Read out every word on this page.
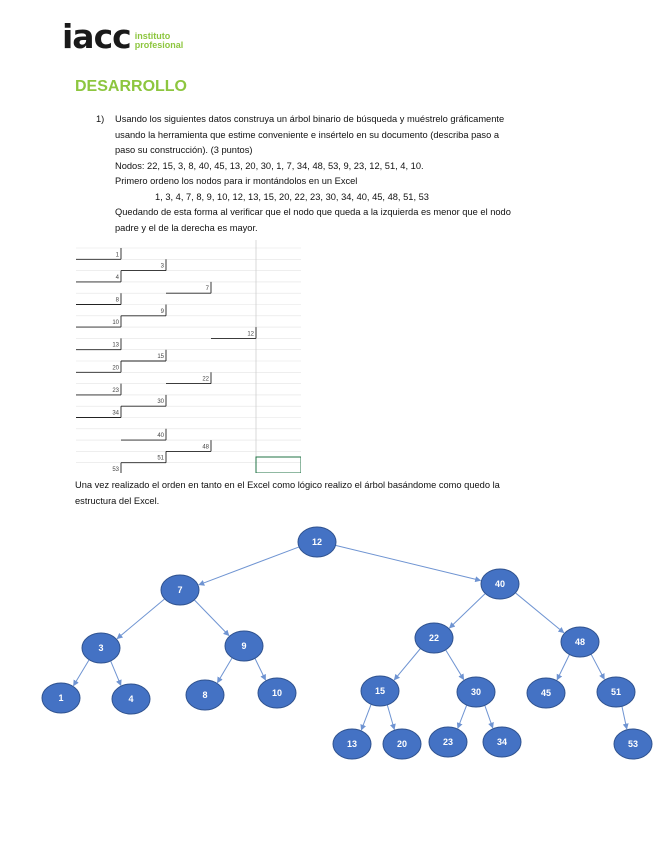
iacc instituto
profesional
DESARROLLO
1) Usando los siguientes datos construya un árbol binario de búsqueda y muéstrelo gráficamente

usando la herramienta que estime conveniente e insértelo en su documento (describa paso a

paso su construcción). (3 puntos)

Nodos: 22, 15, 3, 8, 40, 45, 13, 20, 30, 1, 7, 34, 48, 53, 9, 23, 12, 51, 4, 10.

Primero ordeno los nodos para ir montándolos en un Excel

1, 3, 4, 7, 8, 9, 10, 12, 13, 15, 20, 22, 23, 30, 34, 40, 45, 48, 51, 53

Quedando de esta forma al verificar que el nodo que queda a la izquierda es menor que el nodo

padre y el de la derecha es mayor.

1
3
4
7
8
9
10
12
13
15
20
22
23
30
34
40
48
51
53
Una vez realizado el orden en tanto en el Excel como lógico realizo el árbol basándome como quedo la
estructura del Excel.
12
7
40
3	9
1	4	8	10
22	48
15	30
13	20	23	34
45	51
53
